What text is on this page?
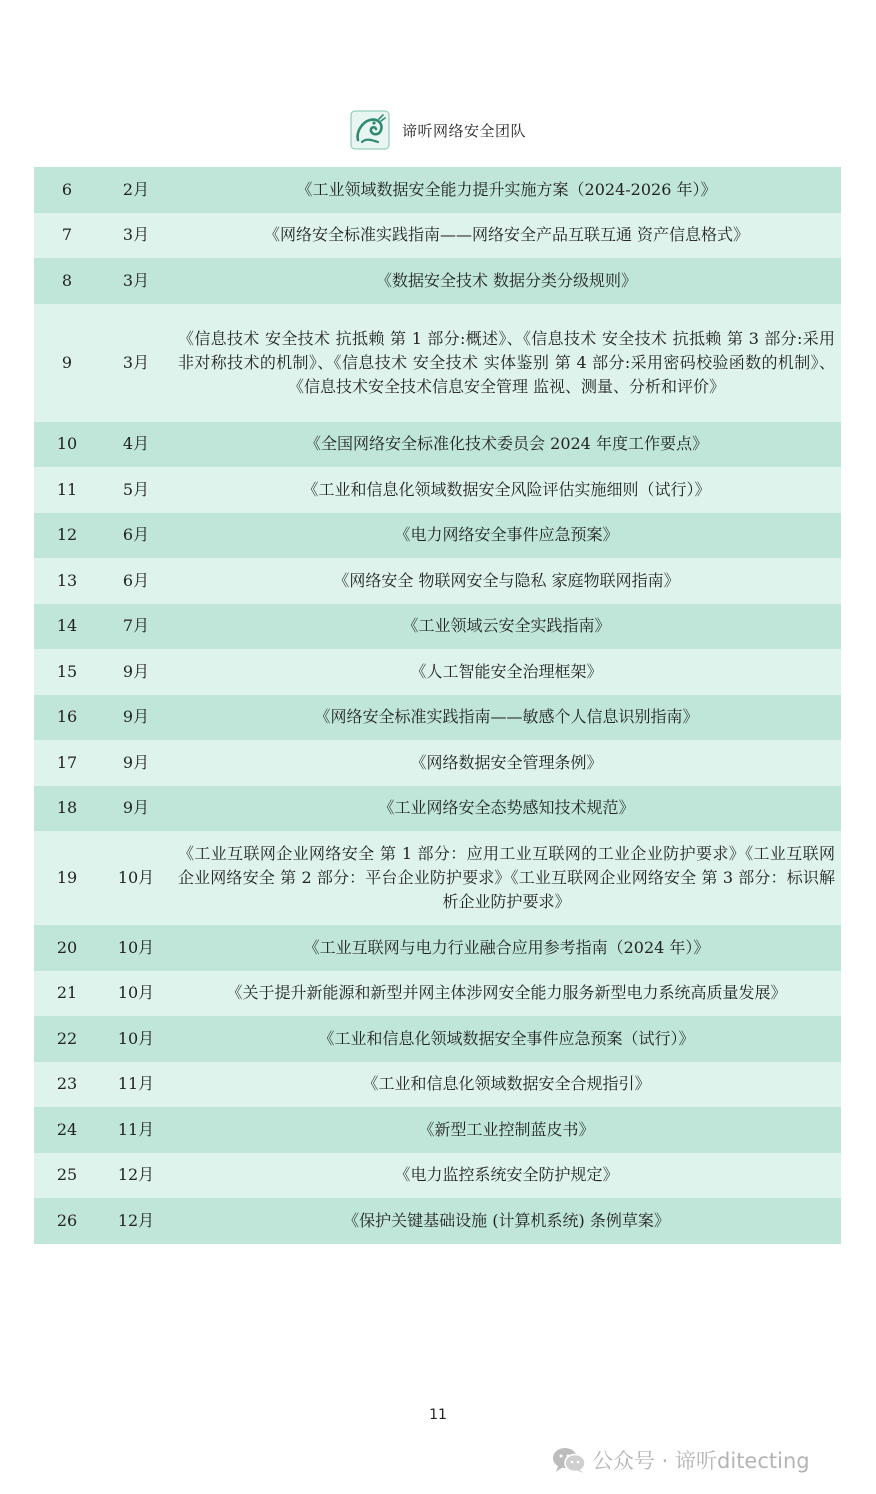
谛听网络安全团队
6	2月	《工业领域数据安全能力提升实施方案（2024-2026 年）》
7	3月	《网络安全标准实践指南——网络安全产品互联互通 资产信息格式》
8	3月	《数据安全技术 数据分类分级规则》
9	3月	《信息技术 安全技术 抗抵赖 第 1 部分:概述》、《信息技术 安全技术 抗抵赖 第 3 部分:采用非对称技术的机制》、《信息技术 安全技术 实体鉴别 第 4 部分:采用密码校验函数的机制》、《信息技术安全技术信息安全管理 监视、测量、分析和评价》
10	4月	《全国网络安全标准化技术委员会 2024 年度工作要点》
11	5月	《工业和信息化领域数据安全风险评估实施细则（试行）》
12	6月	《电力网络安全事件应急预案》
13	6月	《网络安全 物联网安全与隐私 家庭物联网指南》
14	7月	《工业领域云安全实践指南》
15	9月	《人工智能安全治理框架》
16	9月	《网络安全标准实践指南——敏感个人信息识别指南》
17	9月	《网络数据安全管理条例》
18	9月	《工业网络安全态势感知技术规范》
19	10月	《工业互联网企业网络安全 第 1 部分：应用工业互联网的工业企业防护要求》《工业互联网企业网络安全 第 2 部分：平台企业防护要求》《工业互联网企业网络安全 第 3 部分：标识解析企业防护要求》
20	10月	《工业互联网与电力行业融合应用参考指南（2024 年）》
21	10月	《关于提升新能源和新型并网主体涉网安全能力服务新型电力系统高质量发展》
22	10月	《工业和信息化领域数据安全事件应急预案（试行）》
23	11月	《工业和信息化领域数据安全合规指引》
24	11月	《新型工业控制蓝皮书》
25	12月	《电力监控系统安全防护规定》
26	12月	《保护关键基础设施 (计算机系统) 条例草案》
11
公众号 · 谛听ditecting
